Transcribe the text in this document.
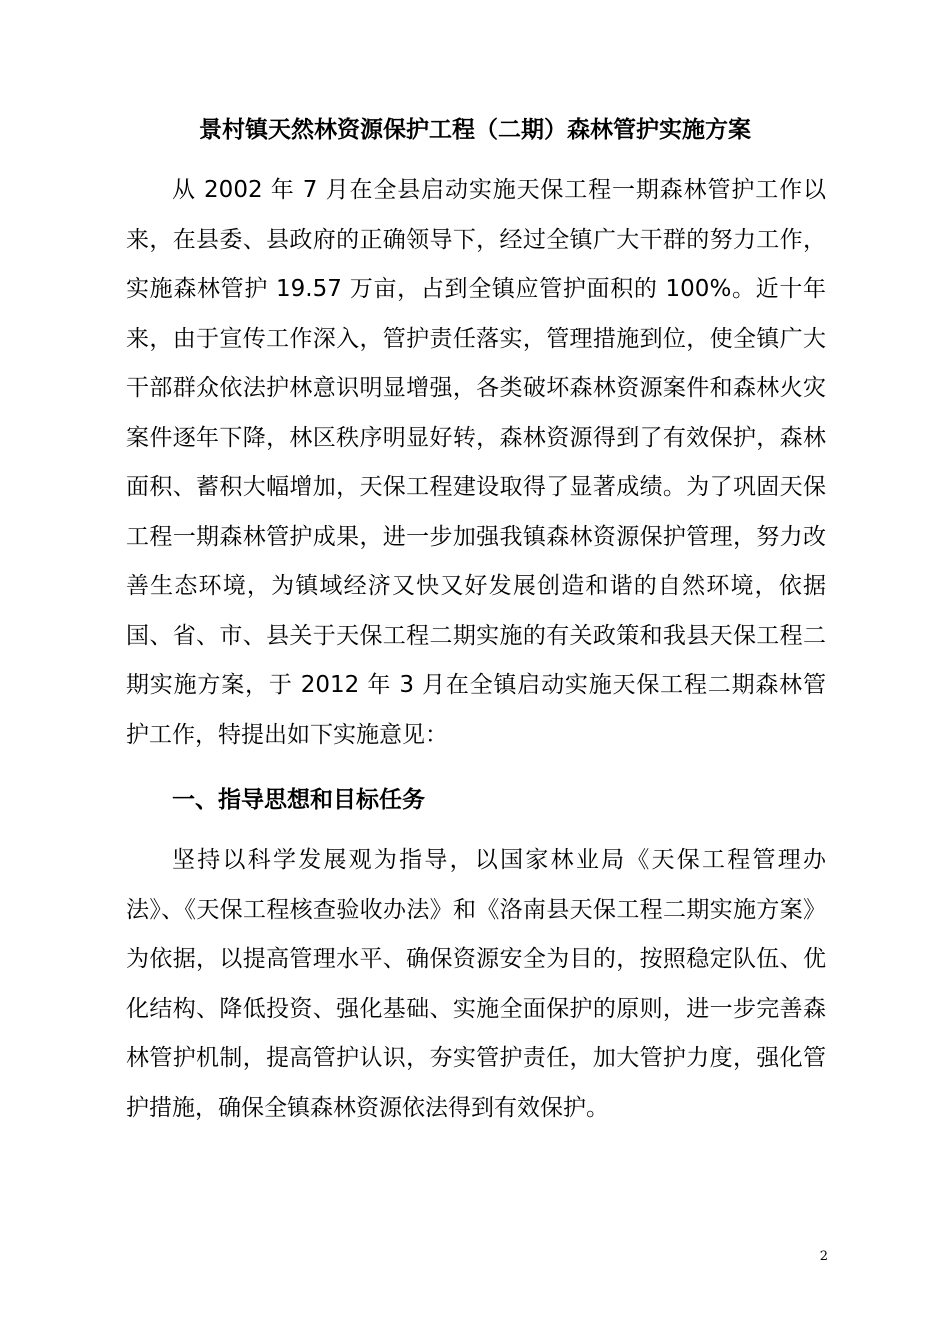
景村镇天然林资源保护工程（二期）森林管护实施方案

从 2002 年 7 月在全县启动实施天保工程一期森林管护工作以来，在县委、县政府的正确领导下，经过全镇广大干群的努力工作，实施森林管护 19.57 万亩，占到全镇应管护面积的 100%。近十年来，由于宣传工作深入，管护责任落实，管理措施到位，使全镇广大干部群众依法护林意识明显增强，各类破坏森林资源案件和森林火灾案件逐年下降，林区秩序明显好转，森林资源得到了有效保护，森林面积、蓄积大幅增加，天保工程建设取得了显著成绩。为了巩固天保工程一期森林管护成果，进一步加强我镇森林资源保护管理，努力改善生态环境，为镇域经济又快又好发展创造和谐的自然环境，依据国、省、市、县关于天保工程二期实施的有关政策和我县天保工程二期实施方案，于 2012 年 3 月在全镇启动实施天保工程二期森林管护工作，特提出如下实施意见：

一、指导思想和目标任务

坚持以科学发展观为指导，以国家林业局《天保工程管理办法》、《天保工程核查验收办法》和《洛南县天保工程二期实施方案》为依据，以提高管理水平、确保资源安全为目的，按照稳定队伍、优化结构、降低投资、强化基础、实施全面保护的原则，进一步完善森林管护机制，提高管护认识，夯实管护责任，加大管护力度，强化管护措施，确保全镇森林资源依法得到有效保护。

2
